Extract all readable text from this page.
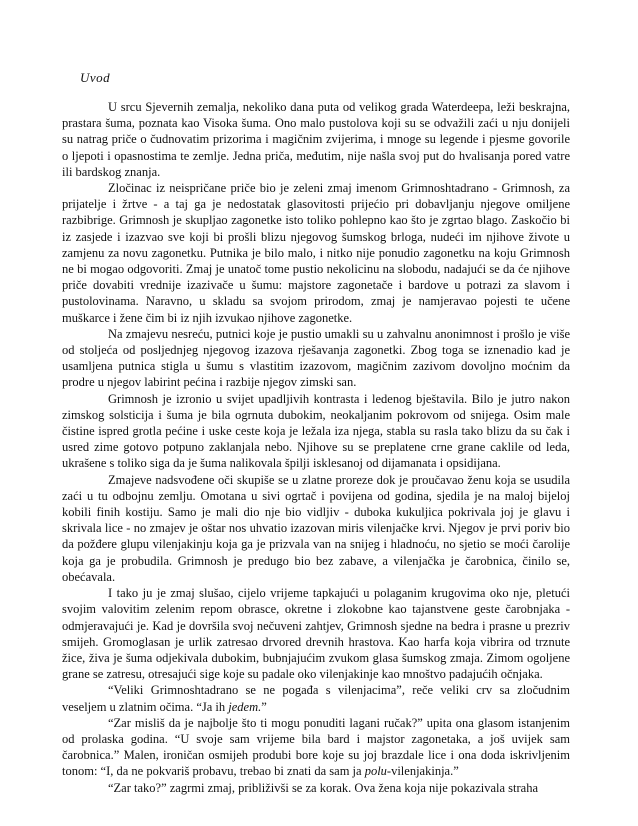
Uvod

U srcu Sjevernih zemalja, nekoliko dana puta od velikog grada Waterdeepa, leži beskrajna, prastara šuma, poznata kao Visoka šuma. Ono malo pustolova koji su se odvažili zaći u nju donijeli su natrag priče o čudnovatim prizorima i magičnim zvijerima, i mnoge su legende i pjesme govorile o ljepoti i opasnostima te zemlje. Jedna priča, međutim, nije našla svoj put do hvalisanja pored vatre ili bardskog znanja.

Zločinac iz neispričane priče bio je zeleni zmaj imenom Grimnoshtadrano - Grimnosh, za prijatelje i žrtve - a taj ga je nedostatak glasovitosti prijećio pri dobavljanju njegove omiljene razbibrige. Grimnosh je skupljao zagonetke isto toliko pohlepno kao što je zgrtao blago. Zaskočio bi iz zasjede i izazvao sve koji bi prošli blizu njegovog šumskog brloga, nudeći im njihove živote u zamjenu za novu zagonetku. Putnika je bilo malo, i nitko nije ponudio zagonetku na koju Grimnosh ne bi mogao odgovoriti. Zmaj je unatoč tome pustio nekolicinu na slobodu, nadajući se da će njihove priče dovabiti vrednije izazivače u šumu: majstore zagonetače i bardove u potrazi za slavom i pustolovinama. Naravno, u skladu sa svojom prirodom, zmaj je namjeravao pojesti te učene muškarce i žene čim bi iz njih izvukao njihove zagonetke.

Na zmajevu nesreću, putnici koje je pustio umakli su u zahvalnu anonimnost i prošlo je više od stoljeća od posljednjeg njegovog izazova rješavanja zagonetki. Zbog toga se iznenadio kad je usamljena putnica stigla u šumu s vlastitim izazovom, magičnim zazivom dovoljno moćnim da prodre u njegov labirint pećina i razbije njegov zimski san.

Grimnosh je izronio u svijet upadljivih kontrasta i ledenog bještavila. Bilo je jutro nakon zimskog solsticija i šuma je bila ogrnuta dubokim, neokaljanim pokrovom od snijega. Osim male čistine ispred grotla pećine i uske ceste koja je ležala iza njega, stabla su rasla tako blizu da su čak i usred zime gotovo potpuno zaklanjala nebo. Njihove su se preplatene crne grane caklile od leda, ukrašene s toliko siga da je šuma nalikovala špilji isklesanoj od dijamanata i opsidijana.

Zmajeve nadsvođene oči skupiše se u zlatne proreze dok je proučavao ženu koja se usudila zaći u tu odbojnu zemlju. Omotana u sivi ogrtač i povijena od godina, sjedila je na maloj bijeloj kobili finih kostiju. Samo je mali dio nje bio vidljiv - duboka kukuljica pokrivala joj je glavu i skrivala lice - no zmajev je oštar nos uhvatio izazovan miris vilenjačke krvi. Njegov je prvi poriv bio da požđere glupu vilenjakinju koja ga je prizvala van na snijeg i hladnoću, no sjetio se moći čarolije koja ga je probudila. Grimnosh je predugo bio bez zabave, a vilenjačka je čarobnica, činilo se, obećavala.

I tako ju je zmaj slušao, cijelo vrijeme tapkajući u polaganim krugovima oko nje, pletući svojim valovitim zelenim repom obrasce, okretne i zlokobne kao tajanstvene geste čarobnjaka - odmjeravajući je. Kad je dovršila svoj nečuveni zahtjev, Grimnosh sjedne na bedra i prasne u prezriv smijeh. Gromoglasan je urlik zatresao drvored drevnih hrastova. Kao harfa koja vibrira od trznute žice, živa je šuma odjekivala dubokim, bubnjajućim zvukom glasa šumskog zmaja. Zimom ogoljene grane se zatresu, otresajući sige koje su padale oko vilenjakinje kao mnoštvo padajućih očnjaka.

“Veliki Grimnoshtadrano se ne pogađa s vilenjacima”, reče veliki crv sa zločudnim veseljem u zlatnim očima. “Ja ih jedem.”

“Zar misliš da je najbolje što ti mogu ponuditi lagani ručak?” upita ona glasom istanjenim od prolaska godina. “U svoje sam vrijeme bila bard i majstor zagonetaka, a još uvijek sam čarobnica.” Malen, ironičan osmijeh produbi bore koje su joj brazdale lice i ona doda iskrivljenim tonom: “I, da ne pokvariš probavu, trebao bi znati da sam ja polu-vilenjakinja.”

“Zar tako?” zagrmi zmaj, približivši se za korak. Ova žena koja nije pokazivala straha
